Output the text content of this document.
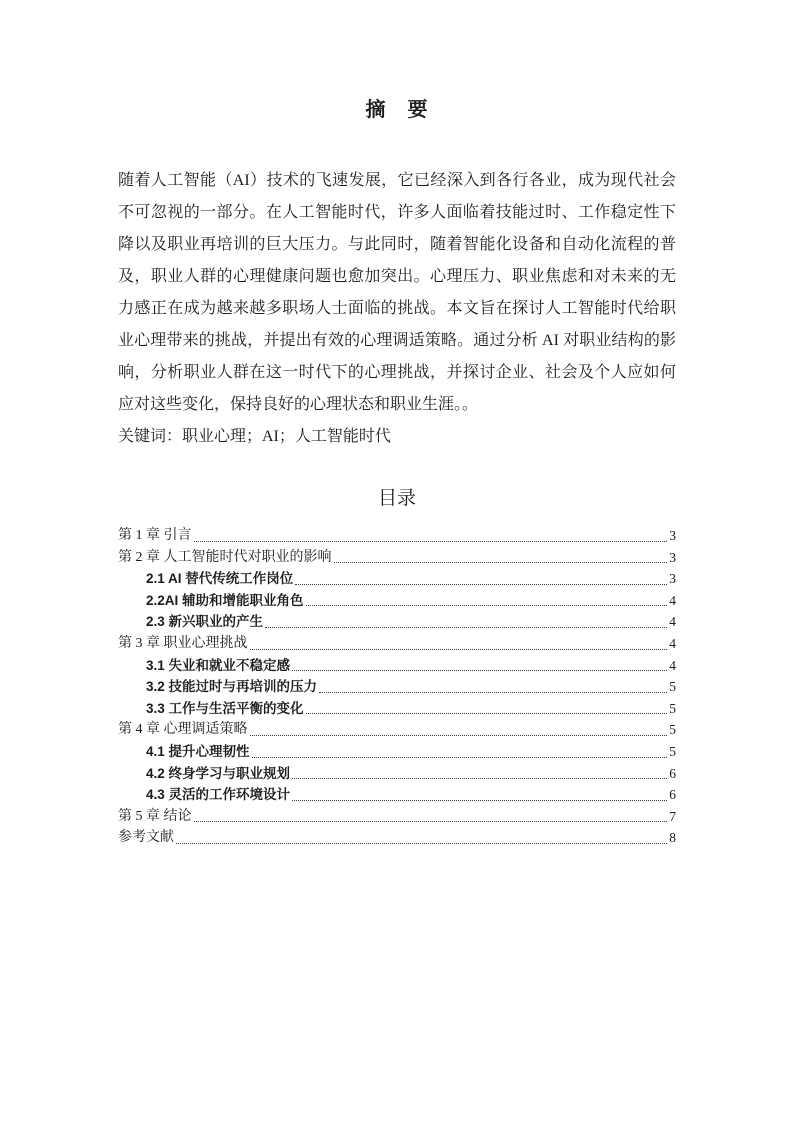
摘　要

随着人工智能（AI）技术的飞速发展，它已经深入到各行各业，成为现代社会不可忽视的一部分。在人工智能时代，许多人面临着技能过时、工作稳定性下降以及职业再培训的巨大压力。与此同时，随着智能化设备和自动化流程的普及，职业人群的心理健康问题也愈加突出。心理压力、职业焦虑和对未来的无力感正在成为越来越多职场人士面临的挑战。本文旨在探讨人工智能时代给职业心理带来的挑战，并提出有效的心理调适策略。通过分析 AI 对职业结构的影响，分析职业人群在这一时代下的心理挑战，并探讨企业、社会及个人应如何应对这些变化，保持良好的心理状态和职业生涯。。

关键词：职业心理；AI；人工智能时代

目录
第 1 章 引言	3
第 2 章 人工智能时代对职业的影响	3
2.1 AI 替代传统工作岗位	3
2.2AI 辅助和增能职业角色	4
2.3 新兴职业的产生	4
第 3 章 职业心理挑战	4
3.1 失业和就业不稳定感	4
3.2 技能过时与再培训的压力	5
3.3 工作与生活平衡的变化	5
第 4 章 心理调适策略	5
4.1 提升心理韧性	5
4.2 终身学习与职业规划	6
4.3 灵活的工作环境设计	6
第 5 章 结论	7
参考文献	8
